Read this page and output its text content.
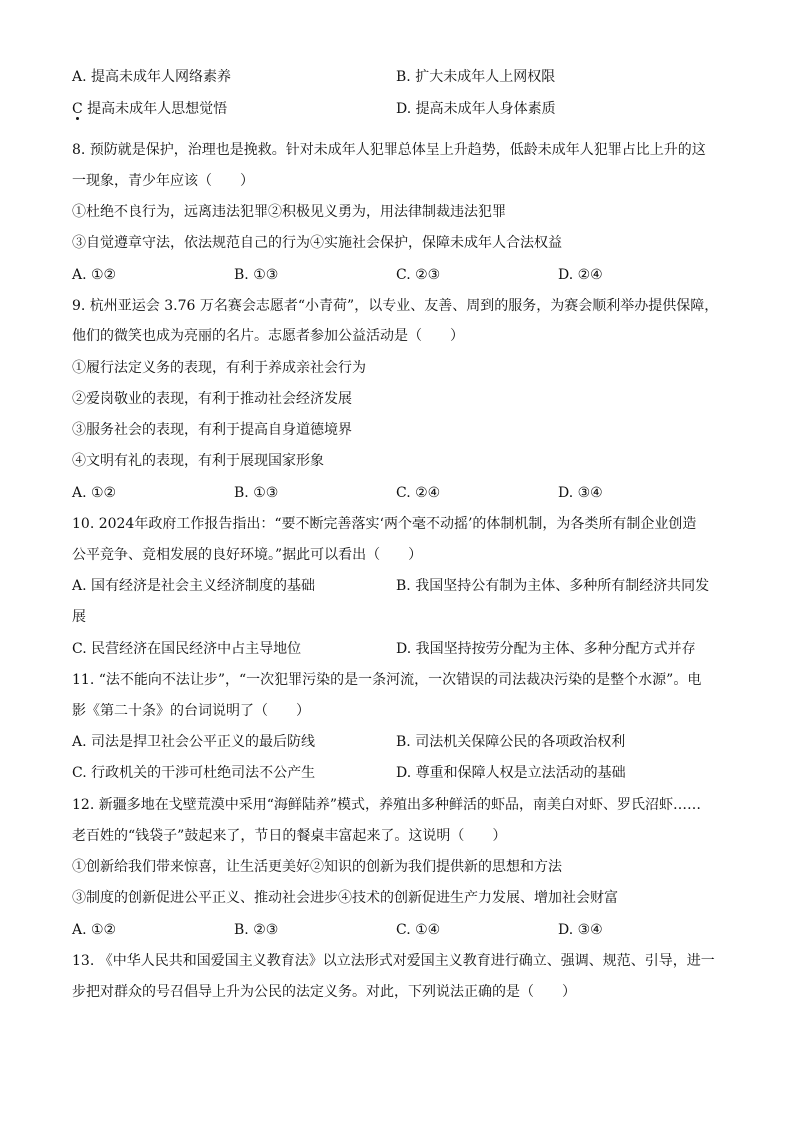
A. 提高未成年人网络素养	B. 扩大未成年人上网权限
C 提高未成年人思想觉悟	D. 提高未成年人身体素质
8. 预防就是保护，治理也是挽救。针对未成年人犯罪总体呈上升趋势，低龄未成年人犯罪占比上升的这
一现象，青少年应该（　　）
①杜绝不良行为，远离违法犯罪②积极见义勇为，用法律制裁违法犯罪
③自觉遵章守法，依法规范自己的行为④实施社会保护，保障未成年人合法权益
A. ①②	B. ①③	C. ②③	D. ②④
9. 杭州亚运会 3.76 万名赛会志愿者“小青荷”，以专业、友善、周到的服务，为赛会顺利举办提供保障，
他们的微笑也成为亮丽的名片。志愿者参加公益活动是（　　）
①履行法定义务的表现，有利于养成亲社会行为
②爱岗敬业的表现，有利于推动社会经济发展
③服务社会的表现，有利于提高自身道德境界
④文明有礼的表现，有利于展现国家形象
A. ①②	B. ①③	C. ②④	D. ③④
10. 2024年政府工作报告指出：“要不断完善落实‘两个毫不动摇’的体制机制，为各类所有制企业创造
公平竞争、竞相发展的良好环境。”据此可以看出（　　）
A. 国有经济是社会主义经济制度的基础	B. 我国坚持公有制为主体、多种所有制经济共同发
展
C. 民营经济在国民经济中占主导地位	D. 我国坚持按劳分配为主体、多种分配方式并存
11. “法不能向不法让步”，“一次犯罪污染的是一条河流，一次错误的司法裁决污染的是整个水源”。电
影《第二十条》的台词说明了（　　）
A. 司法是捍卫社会公平正义的最后防线	B. 司法机关保障公民的各项政治权利
C. 行政机关的干涉可杜绝司法不公产生	D. 尊重和保障人权是立法活动的基础
12. 新疆多地在戈壁荒漠中采用“海鲜陆养”模式，养殖出多种鲜活的虾品，南美白对虾、罗氏沼虾……
老百姓的“钱袋子”鼓起来了，节日的餐桌丰富起来了。这说明（　　）
①创新给我们带来惊喜，让生活更美好②知识的创新为我们提供新的思想和方法
③制度的创新促进公平正义、推动社会进步④技术的创新促进生产力发展、增加社会财富
A. ①②	B. ②③	C. ①④	D. ③④
13. 《中华人民共和国爱国主义教育法》以立法形式对爱国主义教育进行确立、强调、规范、引导，进一
步把对群众的号召倡导上升为公民的法定义务。对此，下列说法正确的是（　　）
